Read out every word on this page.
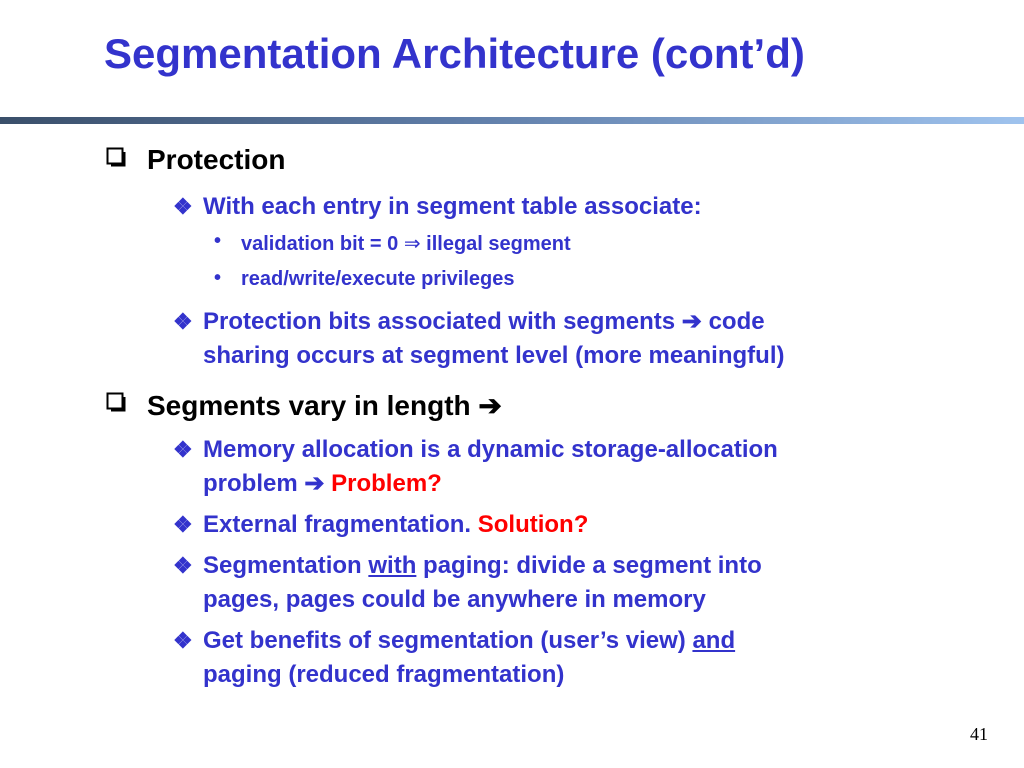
Segmentation Architecture (cont’d)
Protection
❖ With each entry in segment table associate:
• validation bit = 0 ⇒ illegal segment
• read/write/execute privileges
❖ Protection bits associated with segments ➔ code
sharing occurs at segment level (more meaningful)
Segments vary in length ➔
❖ Memory allocation is a dynamic storage-allocation
problem ➔ Problem?
❖ External fragmentation. Solution?
❖ Segmentation with paging: divide a segment into
pages, pages could be anywhere in memory
❖ Get benefits of segmentation (user’s view) and
paging (reduced fragmentation)
41
